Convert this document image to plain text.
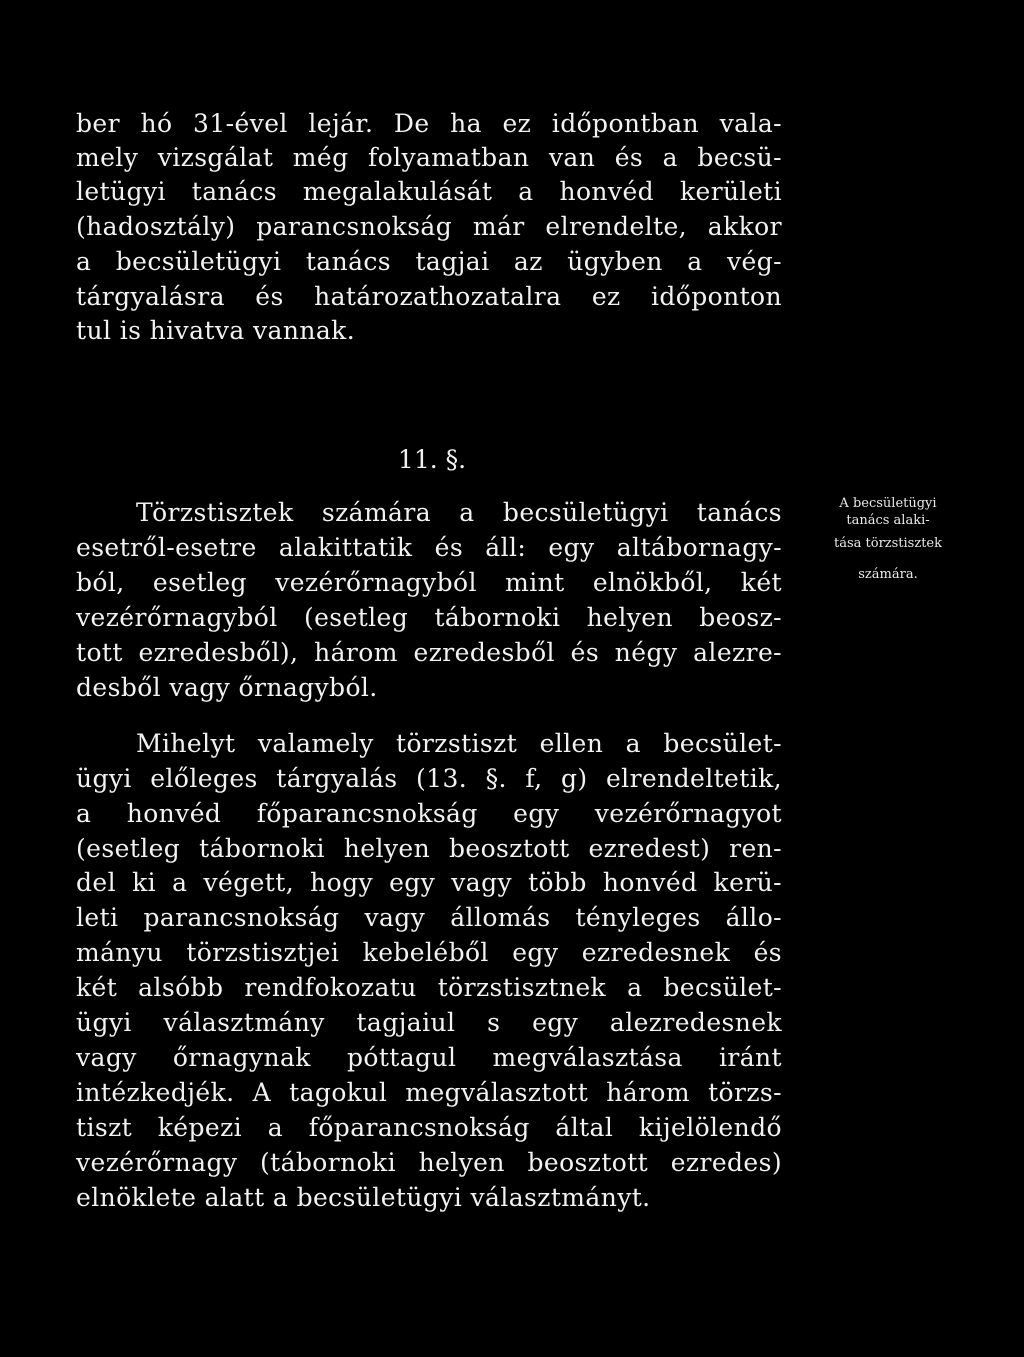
ber hó 31-ével lejár. De ha ez időpontban vala-
mely vizsgálat még folyamatban van és a becsü-
letügyi tanács megalakulását a honvéd kerületi
(hadosztály) parancsnokság már elrendelte, akkor
a becsületügyi tanács tagjai az ügyben a vég-
tárgyalásra és határozathozatalra ez időponton
tul is hivatva vannak.
11. §.
Törzstisztek számára a becsületügyi tanács
esetről-esetre alakittatik és áll: egy altábornagy-
ból, esetleg vezérőrnagyból mint elnökből, két
vezérőrnagyból (esetleg tábornoki helyen beosz-
tott ezredesből), három ezredesből és négy alezre-
desből vagy őrnagyból.
Mihelyt valamely törzstiszt ellen a becsület-
ügyi előleges tárgyalás (13. §. f, g) elrendeltetik,
a honvéd főparancsnokság egy vezérőrnagyot
(esetleg tábornoki helyen beosztott ezredest) ren-
del ki a végett, hogy egy vagy több honvéd kerü-
leti parancsnokság vagy állomás tényleges állo-
mányu törzstisztjei kebeléből egy ezredesnek és
két alsóbb rendfokozatu törzstisztnek a becsület-
ügyi választmány tagjaiul s egy alezredesnek
vagy őrnagynak póttagul megválasztása iránt
intézkedjék. A tagokul megválasztott három törzs-
tiszt képezi a főparancsnokság által kijelölendő
vezérőrnagy (tábornoki helyen beosztott ezredes)
elnöklete alatt a becsületügyi választmányt.
A becsületügyi
tanács alaki-
tása törzstisztek
számára.
